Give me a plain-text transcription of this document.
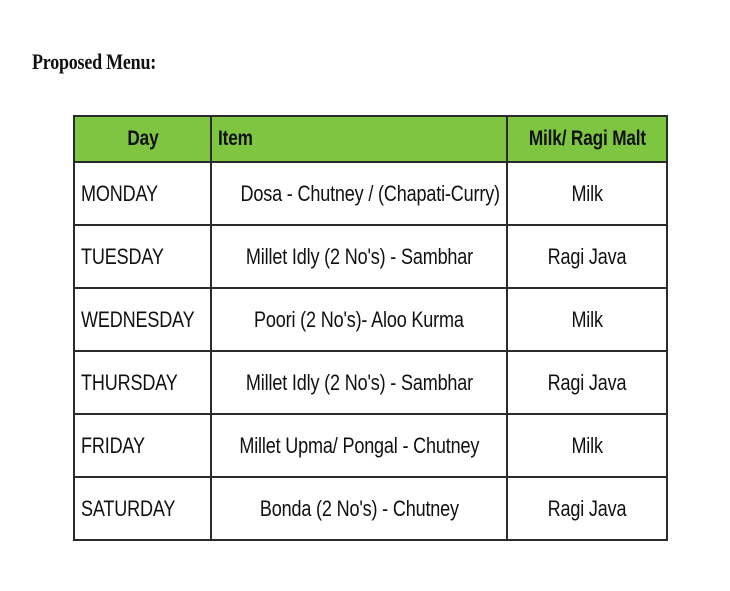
Proposed Menu:
Day	Item	Milk/ Ragi Malt
MONDAY	Dosa - Chutney / (Chapati-Curry)	Milk
TUESDAY	Millet Idly (2 No's) - Sambhar	Ragi Java
WEDNESDAY	Poori (2 No's)- Aloo Kurma	Milk
THURSDAY	Millet Idly (2 No's) - Sambhar	Ragi Java
FRIDAY	Millet Upma/ Pongal - Chutney	Milk
SATURDAY	Bonda (2 No's) - Chutney	Ragi Java
